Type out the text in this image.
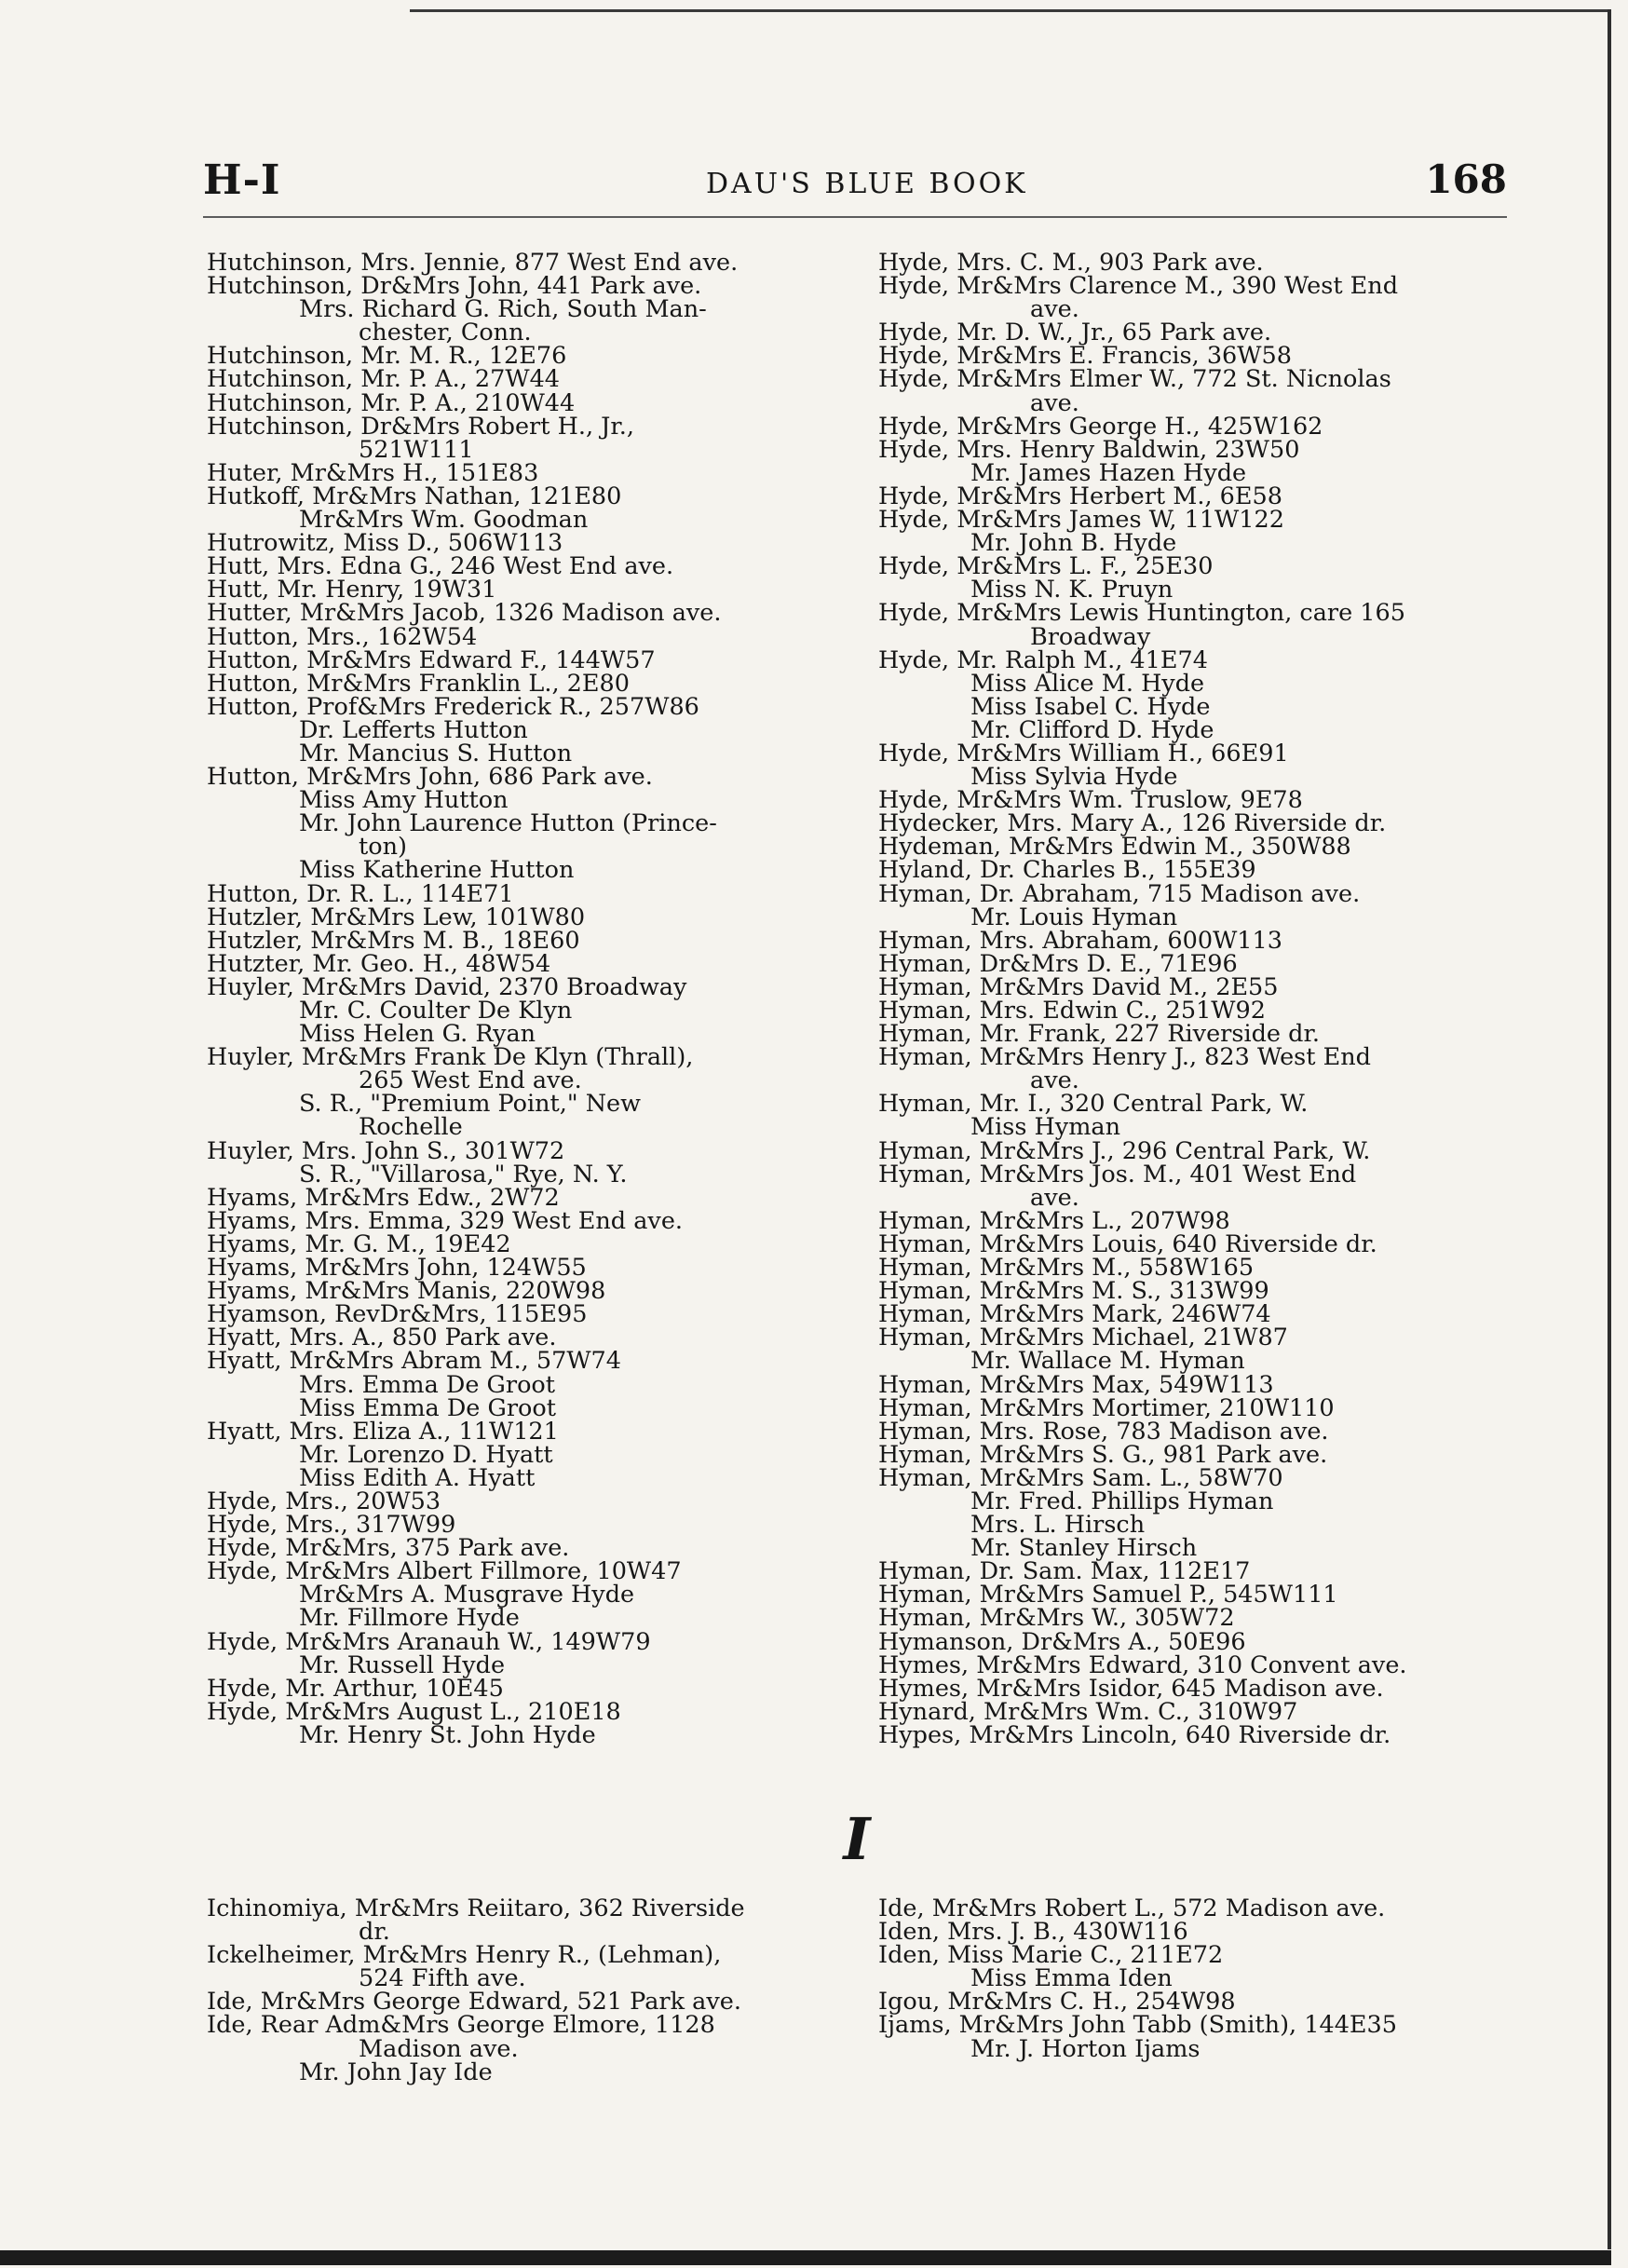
H-I	DAU'S BLUE BOOK	168
Hutchinson, Mrs. Jennie, 877 West End ave.
Hutchinson, Dr&Mrs John, 441 Park ave.
Mrs. Richard G. Rich, South Man-
chester, Conn.
Hutchinson, Mr. M. R., 12E76
Hutchinson, Mr. P. A., 27W44
Hutchinson, Mr. P. A., 210W44
Hutchinson, Dr&Mrs Robert H., Jr.,
521W111
Huter, Mr&Mrs H., 151E83
Hutkoff, Mr&Mrs Nathan, 121E80
Mr&Mrs Wm. Goodman
Hutrowitz, Miss D., 506W113
Hutt, Mrs. Edna G., 246 West End ave.
Hutt, Mr. Henry, 19W31
Hutter, Mr&Mrs Jacob, 1326 Madison ave.
Hutton, Mrs., 162W54
Hutton, Mr&Mrs Edward F., 144W57
Hutton, Mr&Mrs Franklin L., 2E80
Hutton, Prof&Mrs Frederick R., 257W86
Dr. Lefferts Hutton
Mr. Mancius S. Hutton
Hutton, Mr&Mrs John, 686 Park ave.
Miss Amy Hutton
Mr. John Laurence Hutton (Prince-
ton)
Miss Katherine Hutton
Hutton, Dr. R. L., 114E71
Hutzler, Mr&Mrs Lew, 101W80
Hutzler, Mr&Mrs M. B., 18E60
Hutzter, Mr. Geo. H., 48W54
Huyler, Mr&Mrs David, 2370 Broadway
Mr. C. Coulter De Klyn
Miss Helen G. Ryan
Huyler, Mr&Mrs Frank De Klyn (Thrall),
265 West End ave.
S. R., "Premium Point," New
Rochelle
Huyler, Mrs. John S., 301W72
S. R., "Villarosa," Rye, N. Y.
Hyams, Mr&Mrs Edw., 2W72
Hyams, Mrs. Emma, 329 West End ave.
Hyams, Mr. G. M., 19E42
Hyams, Mr&Mrs John, 124W55
Hyams, Mr&Mrs Manis, 220W98
Hyamson, RevDr&Mrs, 115E95
Hyatt, Mrs. A., 850 Park ave.
Hyatt, Mr&Mrs Abram M., 57W74
Mrs. Emma De Groot
Miss Emma De Groot
Hyatt, Mrs. Eliza A., 11W121
Mr. Lorenzo D. Hyatt
Miss Edith A. Hyatt
Hyde, Mrs., 20W53
Hyde, Mrs., 317W99
Hyde, Mr&Mrs, 375 Park ave.
Hyde, Mr&Mrs Albert Fillmore, 10W47
Mr&Mrs A. Musgrave Hyde
Mr. Fillmore Hyde
Hyde, Mr&Mrs Aranauh W., 149W79
Mr. Russell Hyde
Hyde, Mr. Arthur, 10E45
Hyde, Mr&Mrs August L., 210E18
Mr. Henry St. John Hyde
Hyde, Mrs. C. M., 903 Park ave.
Hyde, Mr&Mrs Clarence M., 390 West End
ave.
Hyde, Mr. D. W., Jr., 65 Park ave.
Hyde, Mr&Mrs E. Francis, 36W58
Hyde, Mr&Mrs Elmer W., 772 St. Nicnolas
ave.
Hyde, Mr&Mrs George H., 425W162
Hyde, Mrs. Henry Baldwin, 23W50
Mr. James Hazen Hyde
Hyde, Mr&Mrs Herbert M., 6E58
Hyde, Mr&Mrs James W, 11W122
Mr. John B. Hyde
Hyde, Mr&Mrs L. F., 25E30
Miss N. K. Pruyn
Hyde, Mr&Mrs Lewis Huntington, care 165
Broadway
Hyde, Mr. Ralph M., 41E74
Miss Alice M. Hyde
Miss Isabel C. Hyde
Mr. Clifford D. Hyde
Hyde, Mr&Mrs William H., 66E91
Miss Sylvia Hyde
Hyde, Mr&Mrs Wm. Truslow, 9E78
Hydecker, Mrs. Mary A., 126 Riverside dr.
Hydeman, Mr&Mrs Edwin M., 350W88
Hyland, Dr. Charles B., 155E39
Hyman, Dr. Abraham, 715 Madison ave.
Mr. Louis Hyman
Hyman, Mrs. Abraham, 600W113
Hyman, Dr&Mrs D. E., 71E96
Hyman, Mr&Mrs David M., 2E55
Hyman, Mrs. Edwin C., 251W92
Hyman, Mr. Frank, 227 Riverside dr.
Hyman, Mr&Mrs Henry J., 823 West End
ave.
Hyman, Mr. I., 320 Central Park, W.
Miss Hyman
Hyman, Mr&Mrs J., 296 Central Park, W.
Hyman, Mr&Mrs Jos. M., 401 West End
ave.
Hyman, Mr&Mrs L., 207W98
Hyman, Mr&Mrs Louis, 640 Riverside dr.
Hyman, Mr&Mrs M., 558W165
Hyman, Mr&Mrs M. S., 313W99
Hyman, Mr&Mrs Mark, 246W74
Hyman, Mr&Mrs Michael, 21W87
Mr. Wallace M. Hyman
Hyman, Mr&Mrs Max, 549W113
Hyman, Mr&Mrs Mortimer, 210W110
Hyman, Mrs. Rose, 783 Madison ave.
Hyman, Mr&Mrs S. G., 981 Park ave.
Hyman, Mr&Mrs Sam. L., 58W70
Mr. Fred. Phillips Hyman
Mrs. L. Hirsch
Mr. Stanley Hirsch
Hyman, Dr. Sam. Max, 112E17
Hyman, Mr&Mrs Samuel P., 545W111
Hyman, Mr&Mrs W., 305W72
Hymanson, Dr&Mrs A., 50E96
Hymes, Mr&Mrs Edward, 310 Convent ave.
Hymes, Mr&Mrs Isidor, 645 Madison ave.
Hynard, Mr&Mrs Wm. C., 310W97
Hypes, Mr&Mrs Lincoln, 640 Riverside dr.
I
Ichinomiya, Mr&Mrs Reiitaro, 362 Riverside
dr.
Ickelheimer, Mr&Mrs Henry R., (Lehman),
524 Fifth ave.
Ide, Mr&Mrs George Edward, 521 Park ave.
Ide, Rear Adm&Mrs George Elmore, 1128
Madison ave.
Mr. John Jay Ide
Ide, Mr&Mrs Robert L., 572 Madison ave.
Iden, Mrs. J. B., 430W116
Iden, Miss Marie C., 211E72
Miss Emma Iden
Igou, Mr&Mrs C. H., 254W98
Ijams, Mr&Mrs John Tabb (Smith), 144E35
Mr. J. Horton Ijams
